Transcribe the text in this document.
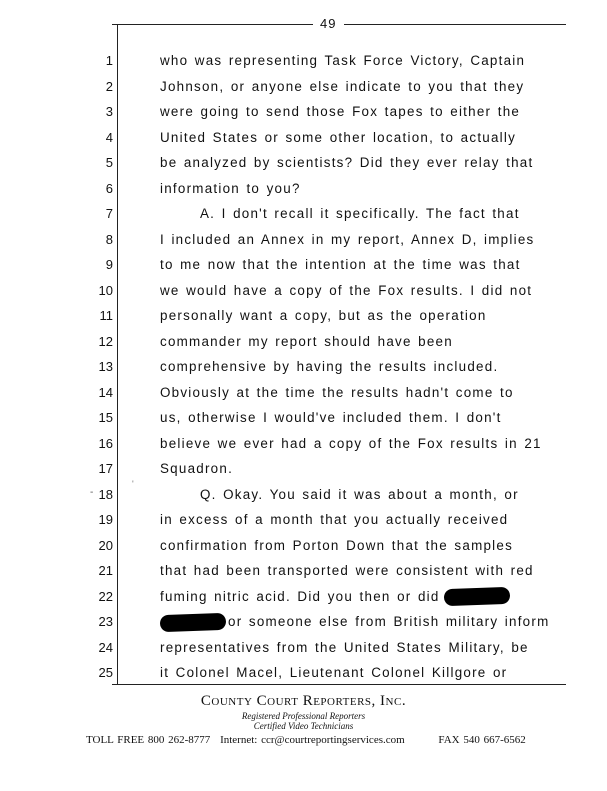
49
-
'
1
2
3
4
5
6
7
8
9
10
11
12
13
14
15
16
17
18
19
20
21
22
23
24
25
who was representing Task Force Victory, Captain
Johnson, or anyone else indicate to you that they
were going to send those Fox tapes to either the
United States or some other location, to actually
be analyzed by scientists? Did they ever relay that
information to you?
A. I don't recall it specifically. The fact that
I included an Annex in my report, Annex D, implies
to me now that the intention at the time was that
we would have a copy of the Fox results. I did not
personally want a copy, but as the operation
commander my report should have been
comprehensive by having the results included.
Obviously at the time the results hadn't come to
us, otherwise I would've included them. I don't
believe we ever had a copy of the Fox results in 21
Squadron.
Q. Okay. You said it was about a month, or
in excess of a month that you actually received
confirmation from Porton Down that the samples
that had been transported were consistent with red
fuming nitric acid. Did you then or did
or someone else from British military inform
representatives from the United States Military, be
it Colonel Macel, Lieutenant Colonel Killgore or
County Court Reporters, Inc.
Registered Professional Reporters
Certified Video Technicians
TOLL FREE 800 262-8777 Internet: ccr@courtreportingservices.com	FAX 540 667-6562
